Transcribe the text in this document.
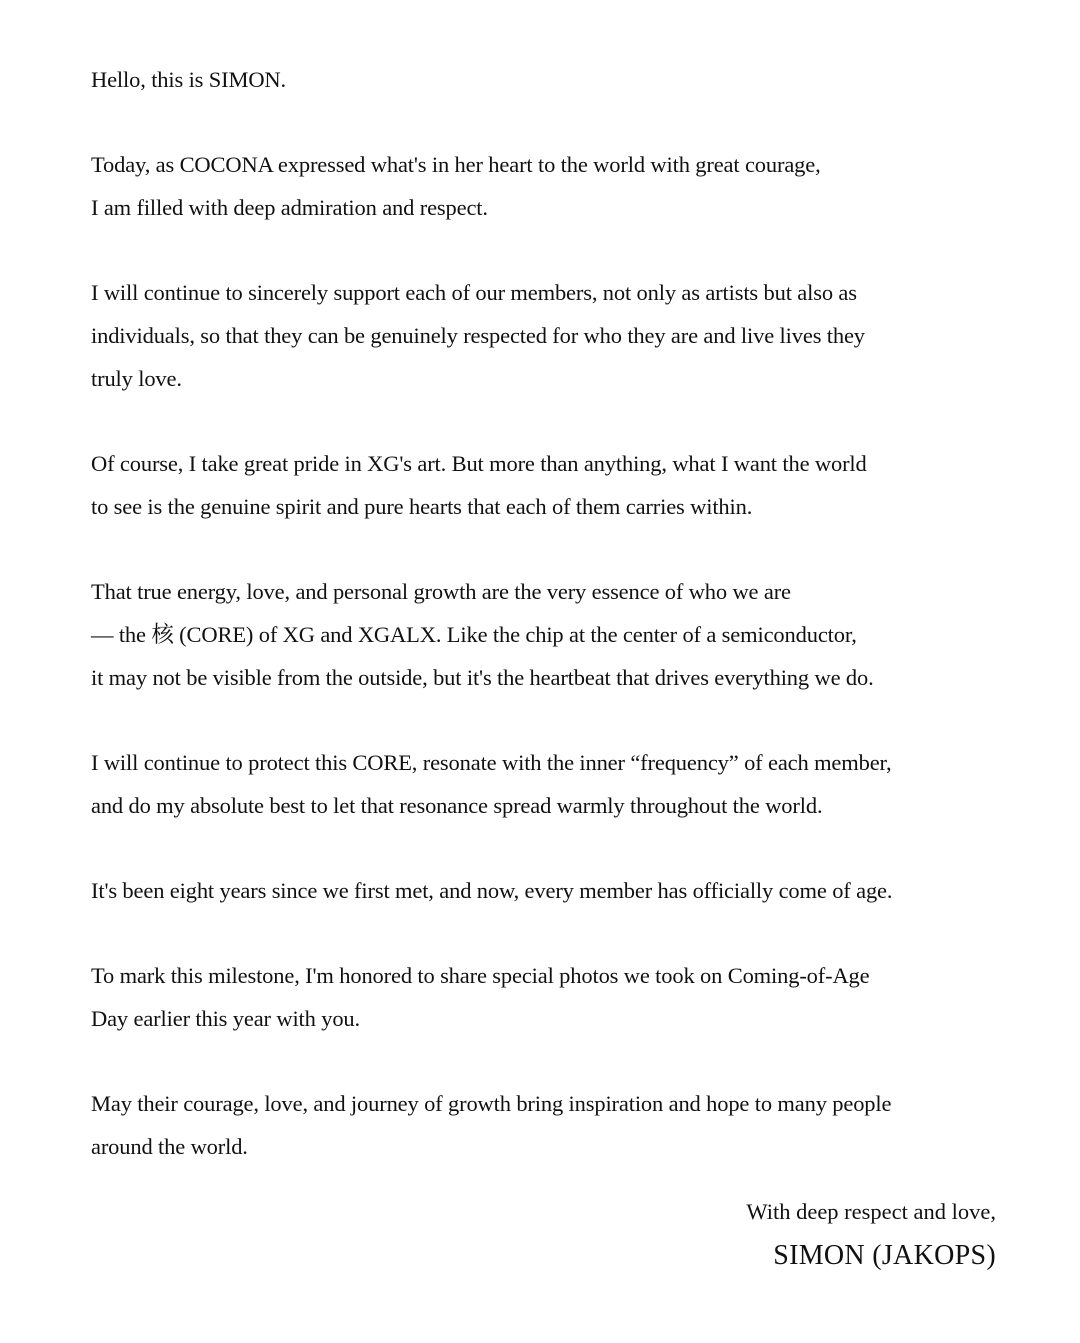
Hello, this is SIMON.

Today, as COCONA expressed what's in her heart to the world with great courage,
I am filled with deep admiration and respect.

I will continue to sincerely support each of our members, not only as artists but also as
individuals, so that they can be genuinely respected for who they are and live lives they
truly love.

Of course, I take great pride in XG's art. But more than anything, what I want the world
to see is the genuine spirit and pure hearts that each of them carries within.

That true energy, love, and personal growth are the very essence of who we are
— the 核 (CORE) of XG and XGALX. Like the chip at the center of a semiconductor,
it may not be visible from the outside, but it's the heartbeat that drives everything we do.

I will continue to protect this CORE, resonate with the inner “frequency” of each member,
and do my absolute best to let that resonance spread warmly throughout the world.

It's been eight years since we first met, and now, every member has officially come of age.

To mark this milestone, I'm honored to share special photos we took on Coming-of-Age
Day earlier this year with you.

May their courage, love, and journey of growth bring inspiration and hope to many people
around the world.

With deep respect and love,
SIMON (JAKOPS)
